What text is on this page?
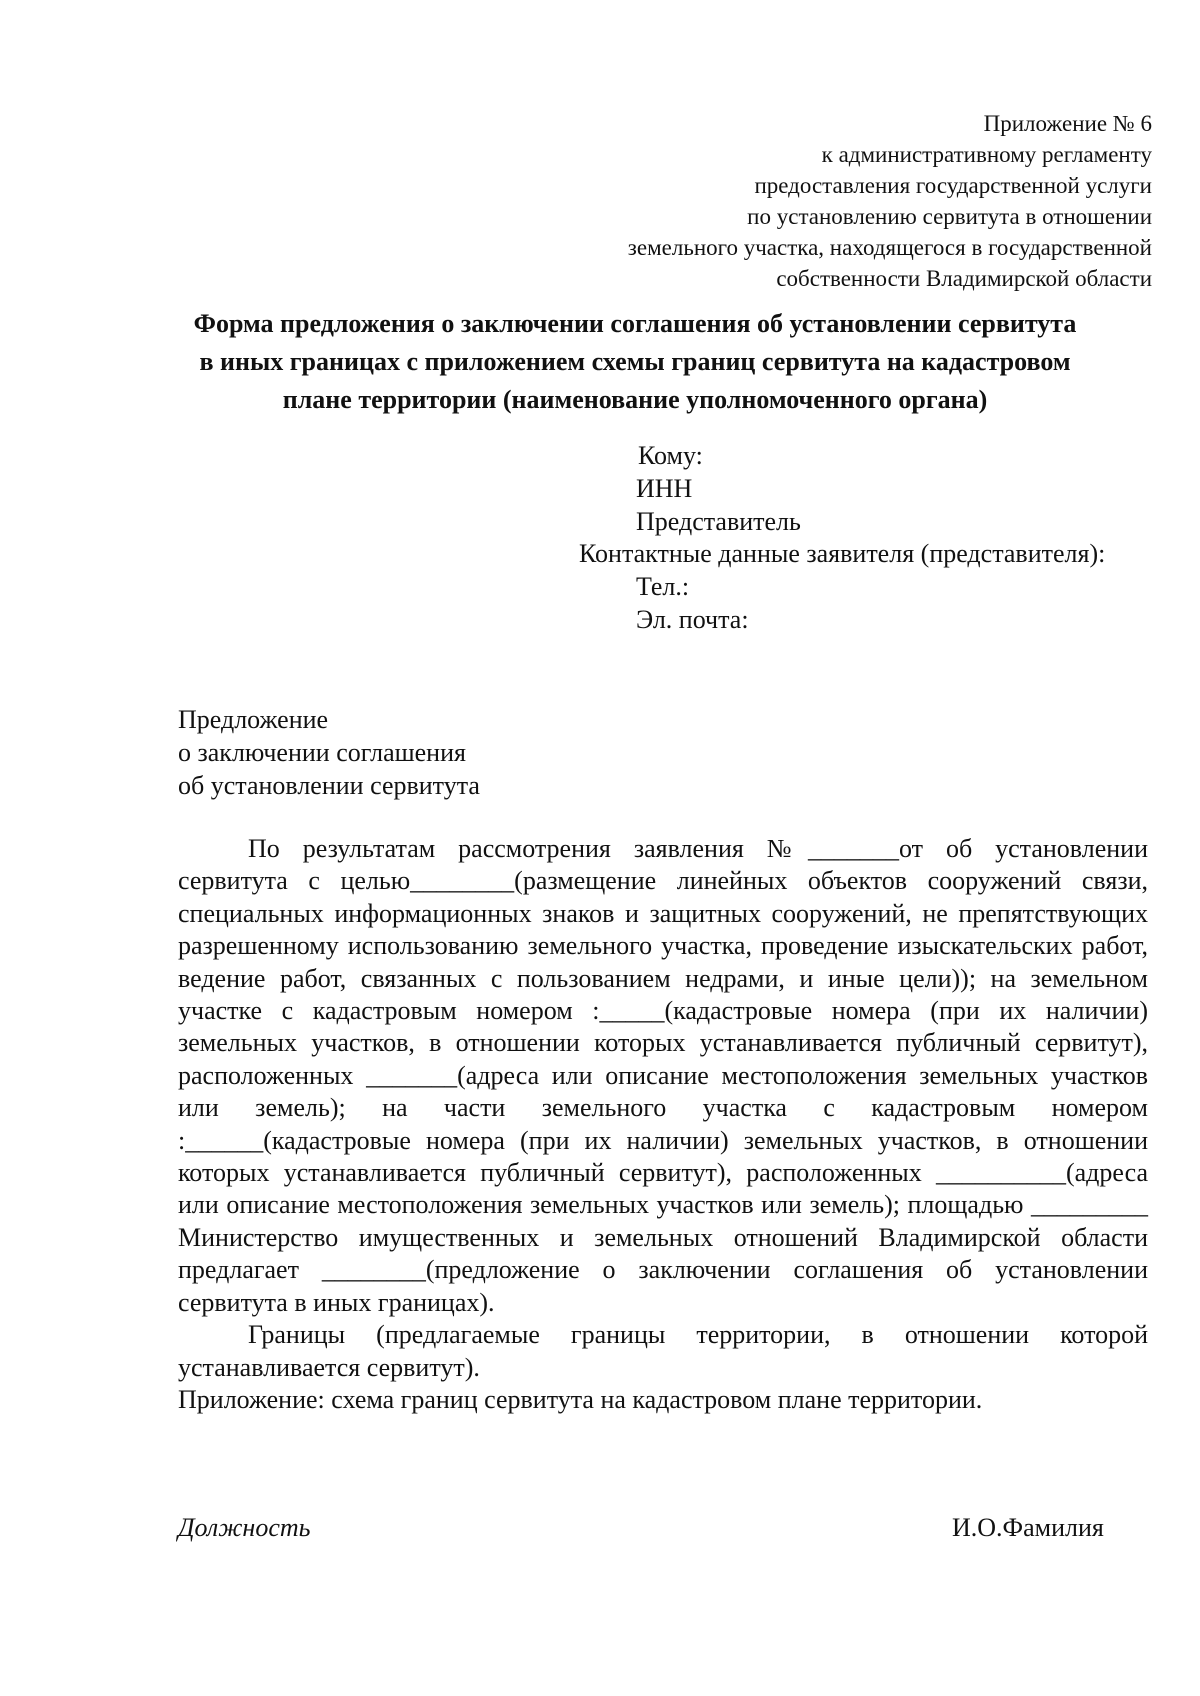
Приложение № 6
к административному регламенту
предоставления государственной услуги
по установлению сервитута в отношении
земельного участка, находящегося в государственной
собственности Владимирской области
Форма предложения о заключении соглашения об установлении сервитута
в иных границах с приложением схемы границ сервитута на кадастровом
плане территории (наименование уполномоченного органа)
Кому:
ИНН
Представитель
Контактные данные заявителя (представителя):
Тел.:
Эл. почта:
Предложение
о заключении соглашения
об установлении сервитута

По результатам рассмотрения заявления №_______от об установлении сервитута с целью________(размещение линейных объектов сооружений связи, специальных информационных знаков и защитных сооружений, не препятствующих разрешенному использованию земельного участка, проведение изыскательских работ, ведение работ, связанных с пользованием недрами, и иные цели)); на земельном участке с кадастровым номером :_____(кадастровые номера (при их наличии) земельных участков, в отношении которых устанавливается публичный сервитут), расположенных _______(адреса или описание местоположения земельных участков или земель); на части земельного участка с кадастровым номером :______(кадастровые номера (при их наличии) земельных участков, в отношении которых устанавливается публичный сервитут), расположенных __________(адреса или описание местоположения земельных участков или земель); площадью _________ Министерство имущественных и земельных отношений Владимирской области предлагает ________(предложение о заключении соглашения об установлении сервитута в иных границах).

Границы (предлагаемые границы территории, в отношении которой устанавливается сервитут).

Приложение: схема границ сервитута на кадастровом плане территории.

Должность	И.О.Фамилия
